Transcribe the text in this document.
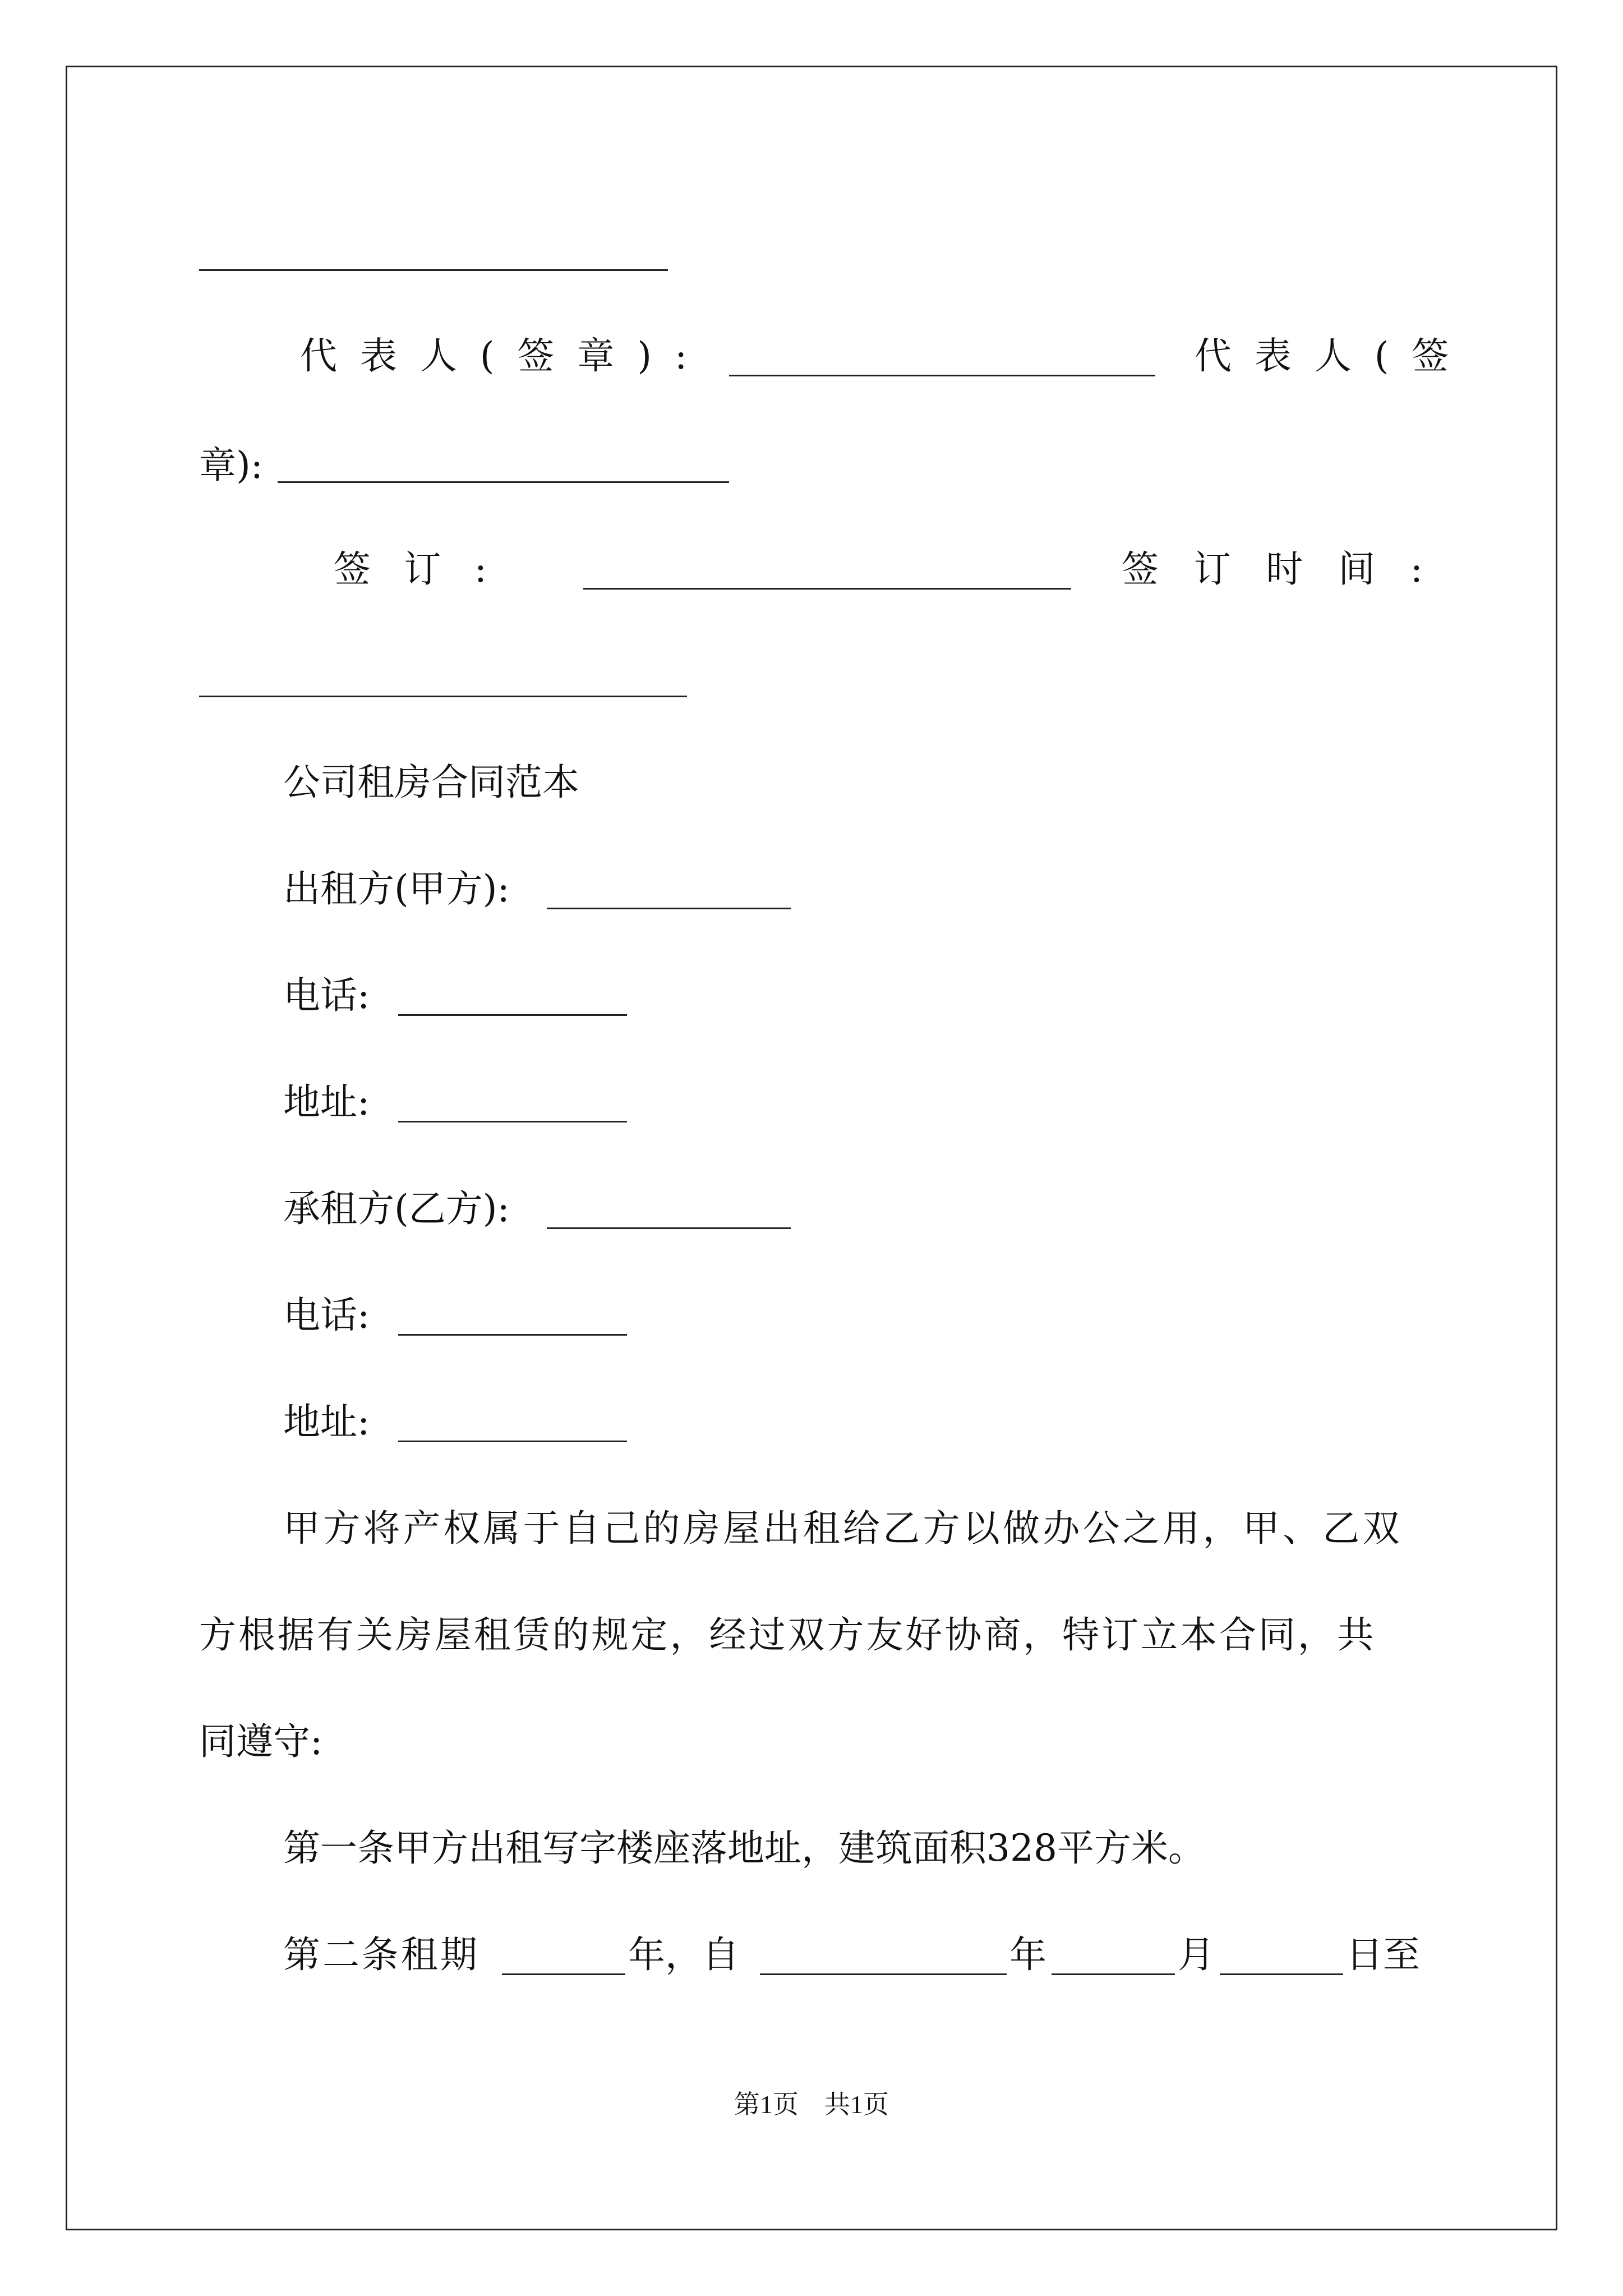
代表人(签章):	代表人(签
章):
签订:	签订时间:
公司租房合同范本
出租方(甲方):
电话:
地址:
承租方(乙方):
电话:
地址:
甲方将产权属于自己的房屋出租给乙方以做办公之用，甲、乙双
方根据有关房屋租赁的规定，经过双方友好协商，特订立本合同，共
同遵守:
第一条甲方出租写字楼座落地址，建筑面积328平方米。
第二条租期	年，自	年	月	日至
第1页　共1页
